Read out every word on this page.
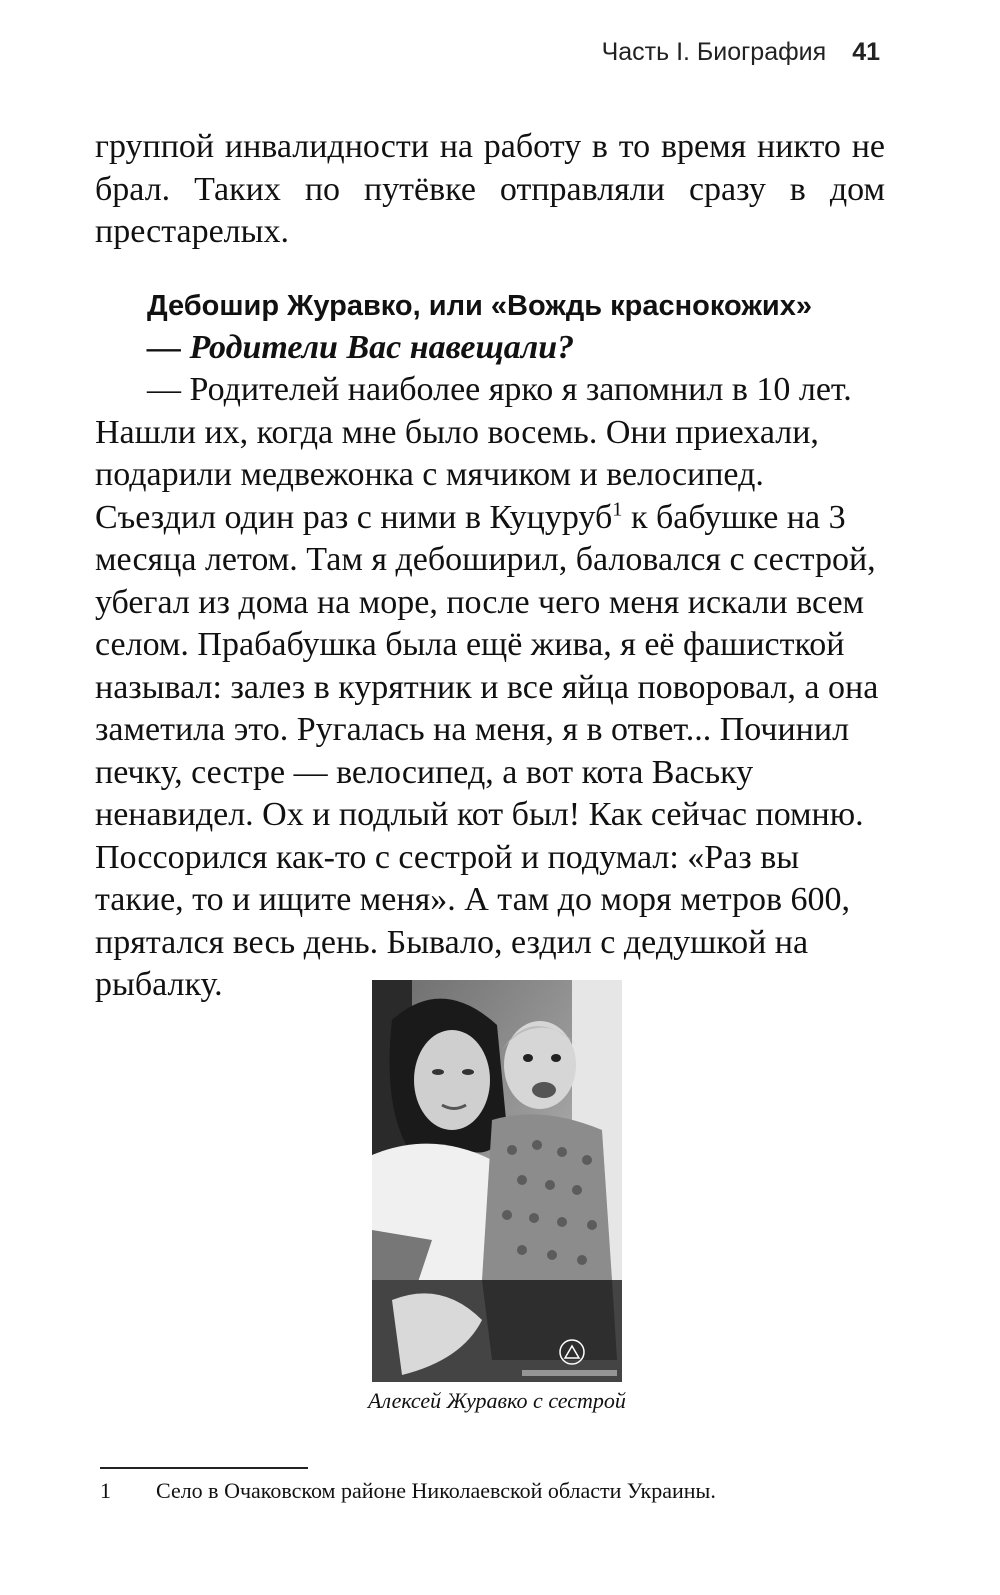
Часть I. Биография 41

группой инвалидности на работу в то время никто не брал. Таких по путёвке отправляли сразу в дом престарелых.

Дебошир Журавко, или «Вождь краснокожих»

— Родители Вас навещали?

— Родителей наиболее ярко я запомнил в 10 лет. Нашли их, когда мне было восемь. Они приехали, подарили медвежонка с мячиком и велосипед. Съездил один раз с ними в Куцуруб$^1$ к бабушке на 3 месяца летом. Там я дебоширил, баловался с сестрой, убегал из дома на море, после чего меня искали всем селом. Прабабушка была ещё жива, я её фашисткой называл: залез в курятник и все яйца поворовал, а она заметила это. Ругалась на меня, я в ответ... Починил печку, сестре — велосипед, а вот кота Ваську ненавидел. Ох и подлый кот был! Как сейчас помню. Поссорился как-то с сестрой и подумал: «Раз вы такие, то и ищите меня». А там до моря метров 600, прятался весь день. Бывало, ездил с дедушкой на рыбалку.

Алексей Журавко с сестрой
1 Село в Очаковском районе Николаевской области Украины.
